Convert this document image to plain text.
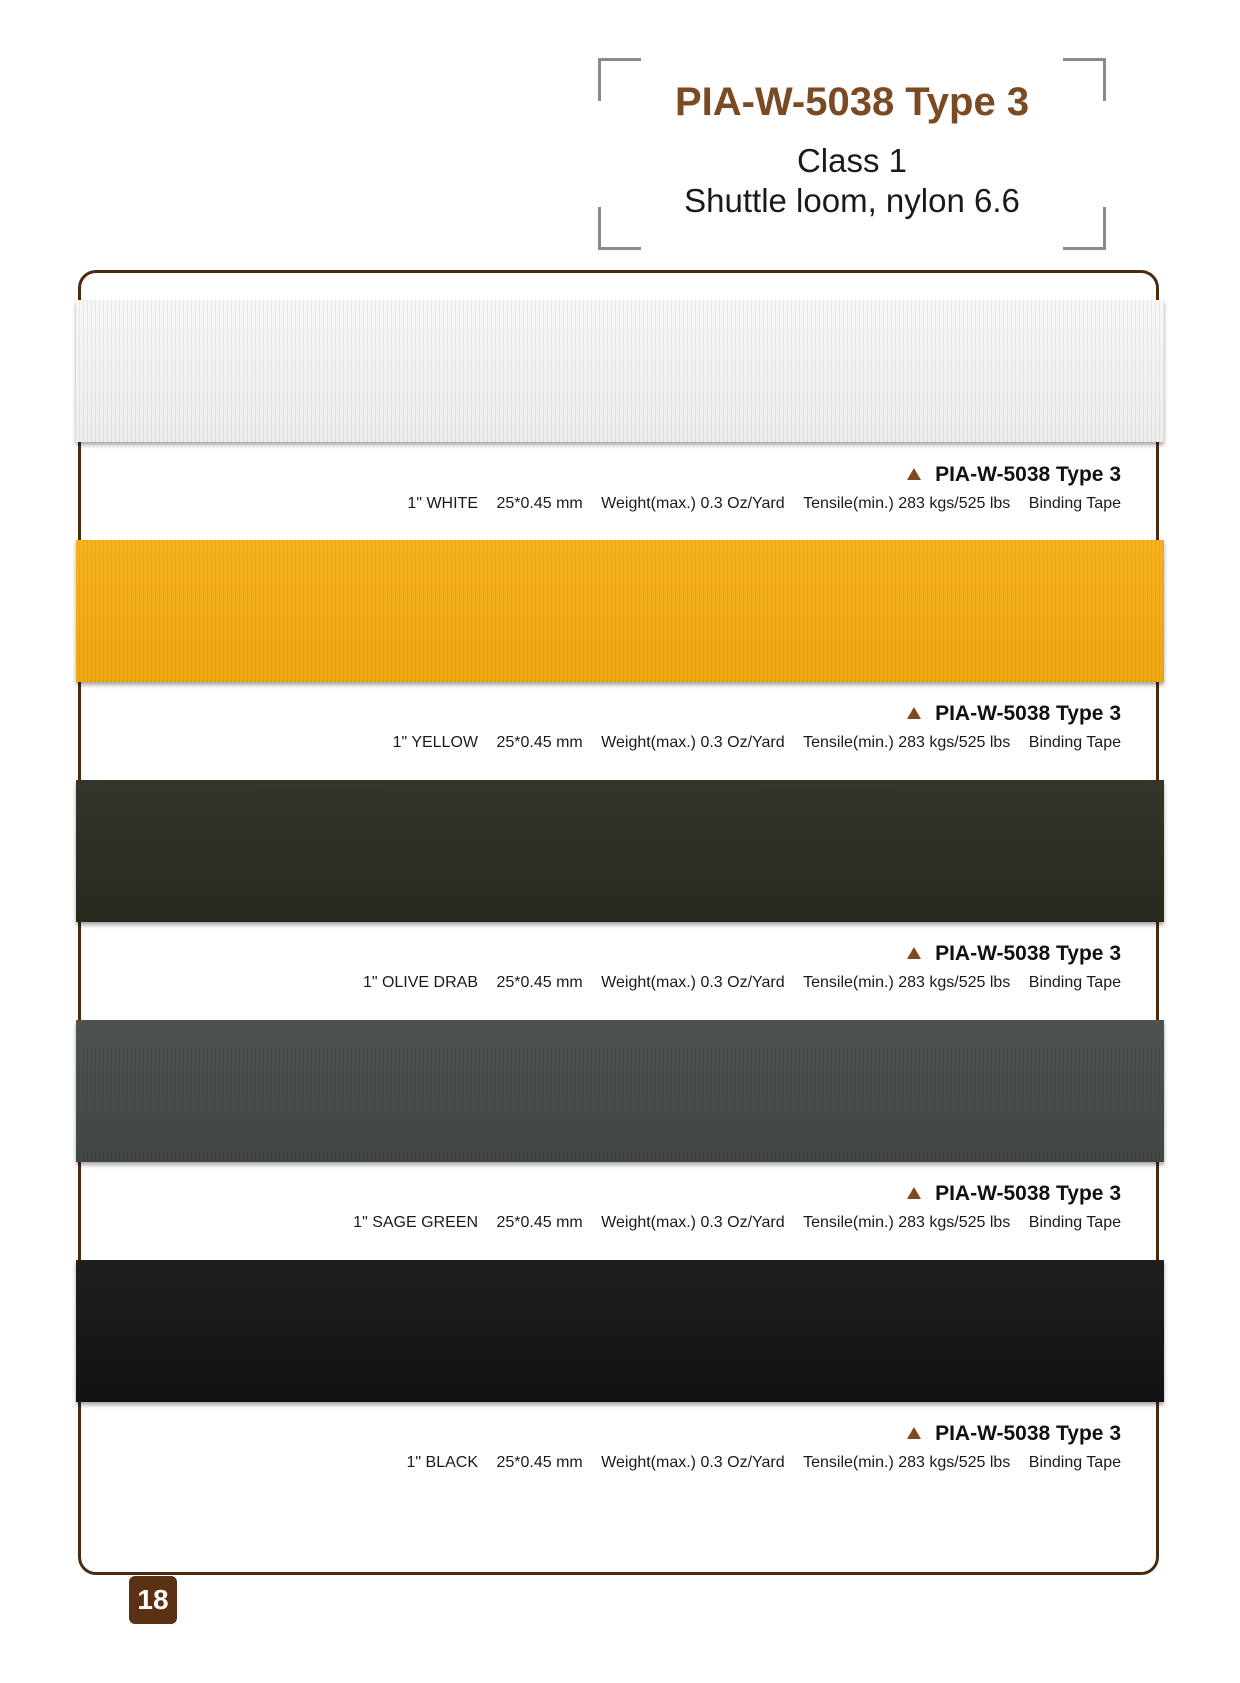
PIA-W-5038 Type 3
Class 1
Shuttle loom, nylon 6.6
PIA-W-5038 Type 3
1" WHITE 25*0.45 mm Weight(max.) 0.3 Oz/Yard Tensile(min.) 283 kgs/525 lbs Binding Tape
PIA-W-5038 Type 3
1" YELLOW 25*0.45 mm Weight(max.) 0.3 Oz/Yard Tensile(min.) 283 kgs/525 lbs Binding Tape
PIA-W-5038 Type 3
1" OLIVE DRAB 25*0.45 mm Weight(max.) 0.3 Oz/Yard Tensile(min.) 283 kgs/525 lbs Binding Tape
PIA-W-5038 Type 3
1" SAGE GREEN 25*0.45 mm Weight(max.) 0.3 Oz/Yard Tensile(min.) 283 kgs/525 lbs Binding Tape
PIA-W-5038 Type 3
1" BLACK 25*0.45 mm Weight(max.) 0.3 Oz/Yard Tensile(min.) 283 kgs/525 lbs Binding Tape
18
